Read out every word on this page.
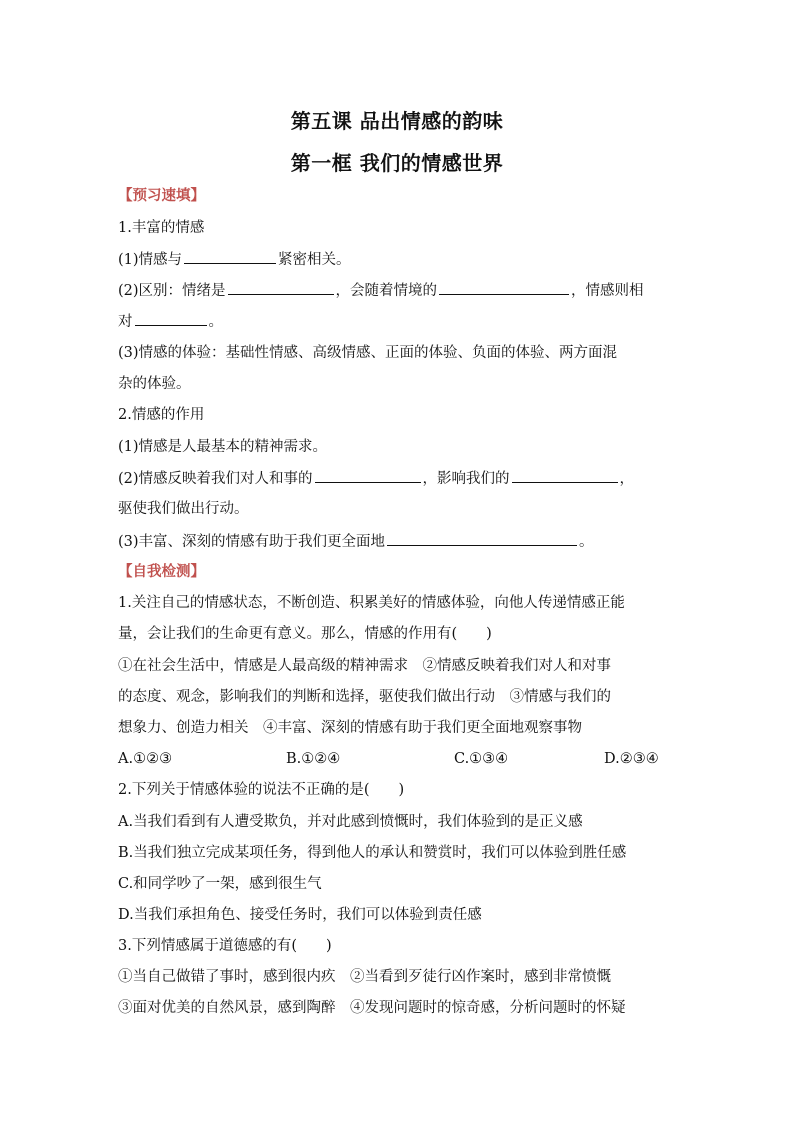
第五课 品出情感的韵味
第一框 我们的情感世界
【预习速填】
1.丰富的情感
(1)情感与	紧密相关。
(2)区别：情绪是	，会随着情境的	，情感则相
对	。
(3)情感的体验：基础性情感、高级情感、正面的体验、负面的体验、两方面混
杂的体验。
2.情感的作用
(1)情感是人最基本的精神需求。
(2)情感反映着我们对人和事的	，影响我们的	，
驱使我们做出行动。
(3)丰富、深刻的情感有助于我们更全面地	。
【自我检测】
1.关注自己的情感状态，不断创造、积累美好的情感体验，向他人传递情感正能
量，会让我们的生命更有意义。那么，情感的作用有(　　)
①在社会生活中，情感是人最高级的精神需求　②情感反映着我们对人和对事
的态度、观念，影响我们的判断和选择，驱使我们做出行动　③情感与我们的
想象力、创造力相关　④丰富、深刻的情感有助于我们更全面地观察事物
A.①②③	B.①②④	C.①③④	D.②③④
2.下列关于情感体验的说法不正确的是(　　)
A.当我们看到有人遭受欺负，并对此感到愤慨时，我们体验到的是正义感
B.当我们独立完成某项任务，得到他人的承认和赞赏时，我们可以体验到胜任感
C.和同学吵了一架，感到很生气
D.当我们承担角色、接受任务时，我们可以体验到责任感
3.下列情感属于道德感的有(　　)
①当自己做错了事时，感到很内疚　②当看到歹徒行凶作案时，感到非常愤慨
③面对优美的自然风景，感到陶醉　④发现问题时的惊奇感，分析问题时的怀疑
